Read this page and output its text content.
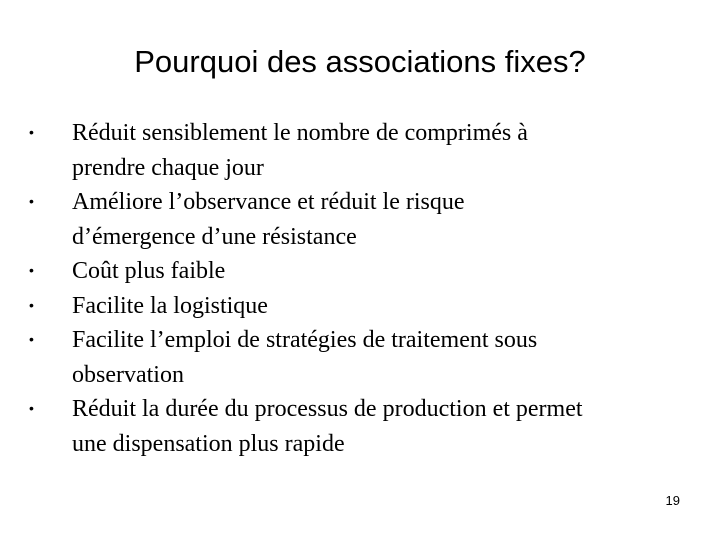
Pourquoi des associations fixes?
• Réduit sensiblement le nombre de comprimés à
prendre chaque jour
• Améliore l’observance et réduit le risque
d’émergence d’une résistance
• Coût plus faible
• Facilite la logistique
• Facilite l’emploi de stratégies de traitement sous
observation
• Réduit la durée du processus de production et permet
une dispensation plus rapide
19
